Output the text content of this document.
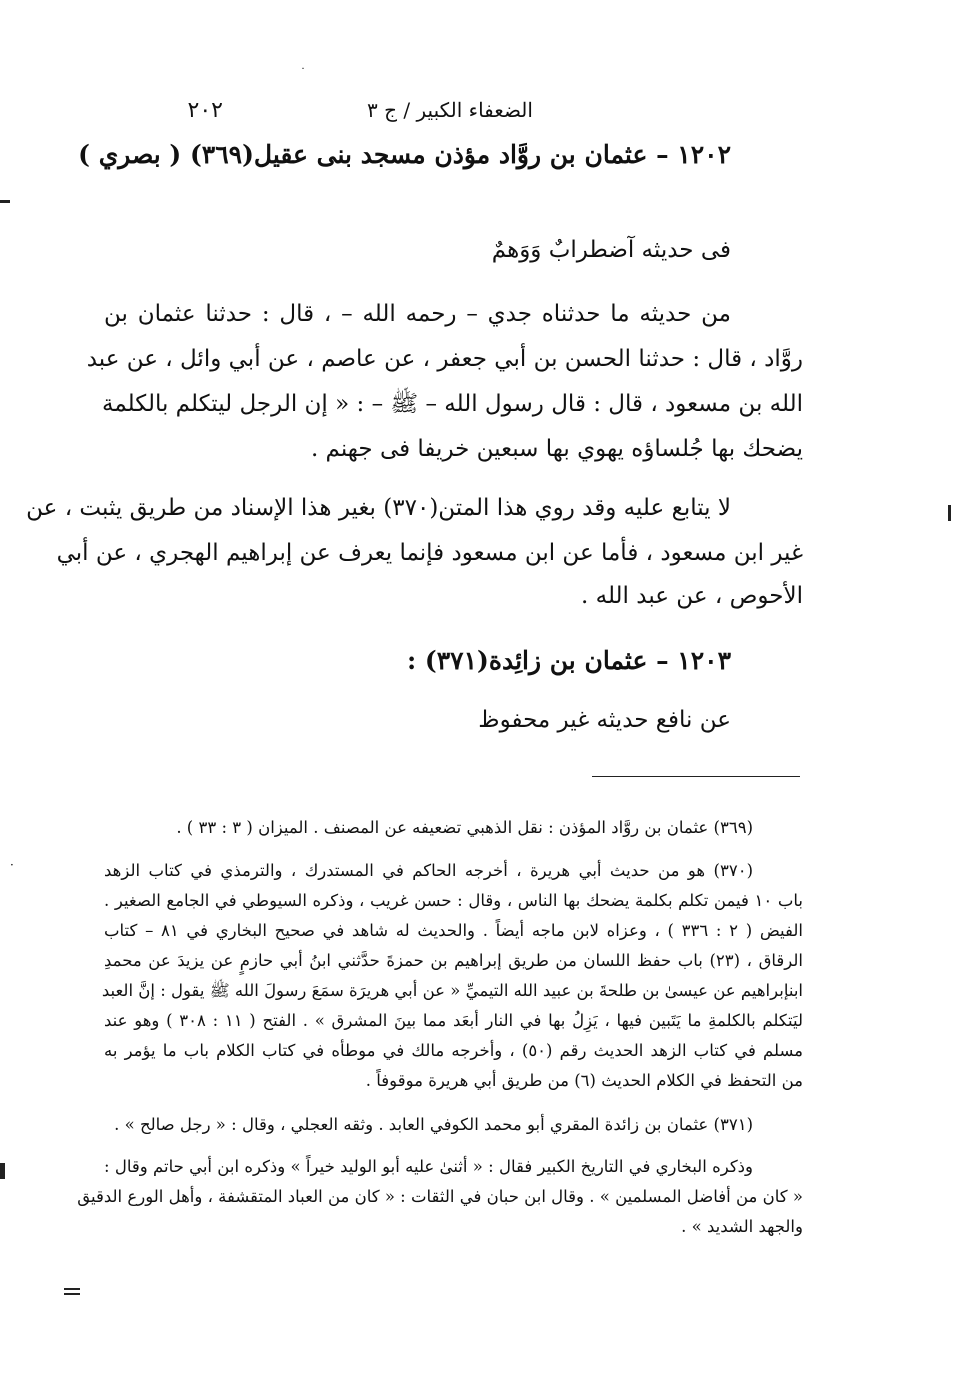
˙
·
٢٠٢	الضعفاء الكبير / ج ٣
١٢٠٢ – عثمان بن روَّاد مؤذن مسجد بنى عقيل(٣٦٩) ( بصري )
فى حديثه آضطرابٌ وَوَهمٌ
من حديثه ما حدثناه جدي – رحمه الله – ، قال : حدثنا عثمان بن
روَّاد ، قال : حدثنا الحسن بن أبي جعفر ، عن عاصم ، عن أبي وائل ، عن عبد
الله بن مسعود ، قال : قال رسول الله – ﷺ – : « إن الرجل ليتكلم بالكلمة
يضحك بها جُلساؤه يهوي بها سبعين خريفا فى جهنم .
لا يتابع عليه وقد روي هذا المتن(٣٧٠) بغير هذا الإسناد من طريق يثبت ، عن
غير ابن مسعود ، فأما عن ابن مسعود فإنما يعرف عن إبراهيم الهجري ، عن أبي
الأحوص ، عن عبد الله .
١٢٠٣ – عثمان بن زائِدة(٣٧١) :
عن نافع حديثه غير محفوظ
(٣٦٩) عثمان بن روَّاد المؤذن : نقل الذهبي تضعيفه عن المصنف . الميزان ( ٣ : ٣٣ ) .
(٣٧٠) هو من حديث أبي هريرة ، أخرجه الحاكم في المستدرك ، والترمذي في كتاب الزهد
باب ١٠ فيمن تكلم بكلمة يضحك بها الناس ، وقال : حسن غريب ، وذكره السيوطي في الجامع الصغير .
الفيض ( ٢ : ٣٣٦ ) ، وعزاه لابن ماجه أيضاً . والحديث له شاهد في صحيح البخاري في ٨١ – كتاب
الرقاق ، (٢٣) باب حفظ اللسان من طريق إبراهيم بن حمزةَ حدَّثني ابنُ أبي حازمٍ عن يزيدَ عن محمدِ
ابنإبراهيم عن عيسىٰ بن طلحةَ بن عبيد الله التيميِّ « عن أبي هريرَة سمَعَ رسولَ الله ﷺ يقول : إنَّ العبد
ليَتكلم بالكلمةِ ما يَتَبين فيها ، يَزِلُ بها في النار أبعَد مما بينَ المشرق » . الفتح ( ١١ : ٣٠٨ ) وهو عند
مسلم في كتاب الزهد الحديث رقم (٥٠) ، وأخرجه مالك في موطأه في كتاب الكلام باب ما يؤمر به
من التحفظ في الكلام الحديث (٦) من طريق أبي هريرة موقوفاً .
(٣٧١) عثمان بن زائدة المقري أبو محمد الكوفي العابد . وثقه العجلي ، وقال : « رجل صالح » .
وذكره البخاري في التاريخ الكبير فقال : « أثنىٰ عليه أبو الوليد خيراً » وذكره ابن أبي حاتم وقال :
« كان من أفاضل المسلمين » . وقال ابن حبان في الثقات : « كان من العباد المتقشفة ، وأهل الورع الدقيق
والجهد الشديد » .
